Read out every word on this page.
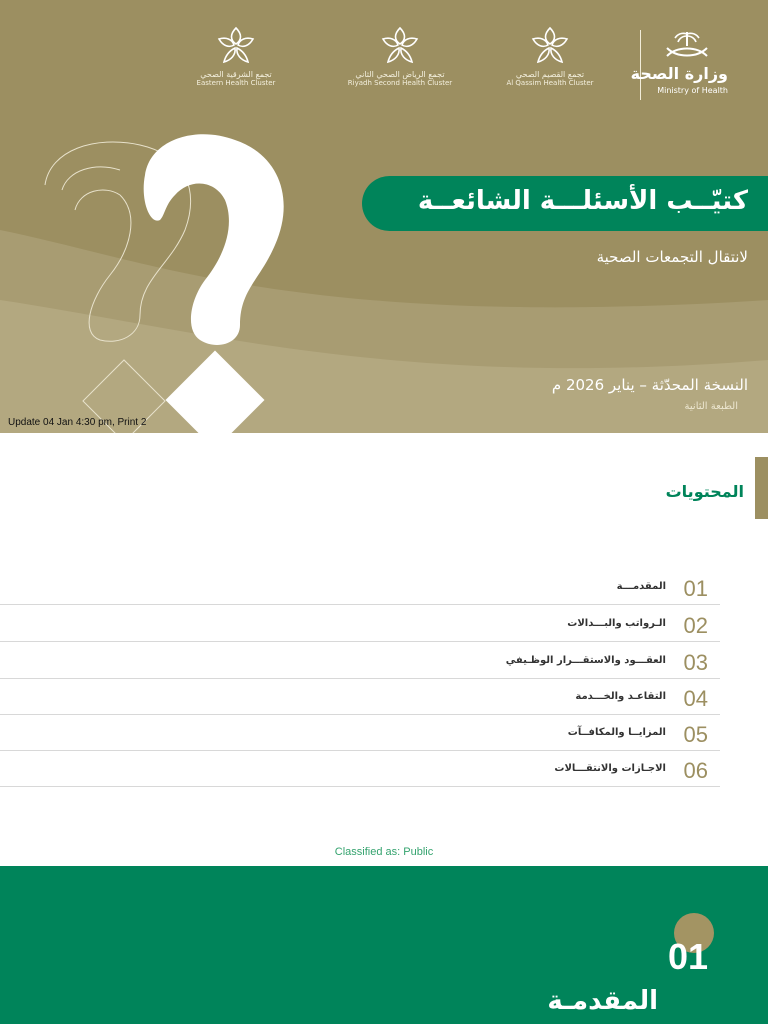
وزارة الصحة
Ministry of Health
تجمع القصيم الصحي
Al Qassim Health Cluster
تجمع الرياض الصحي الثاني
Riyadh Second Health Cluster
تجمع الشرقية الصحي
Eastern Health Cluster
كتيّــب الأسئلـــة الشائعــة
لانتقال التجمعات الصحية
النسخة المحدّثة – يناير 2026 م
الطبعة الثانية
Update 04 Jan 4:30 pm, Print 2
المحتويات
01
المقدمـــة
02
الـرواتب والبـــدالات
03
العقـــود والاستقـــرار الوظـيفي
04
التقاعـد والخـــدمة
05
المزايــا والمكافــآت
06
الاجـازات والانتقـــالات
Classified as: Public
01
المقدمـة
